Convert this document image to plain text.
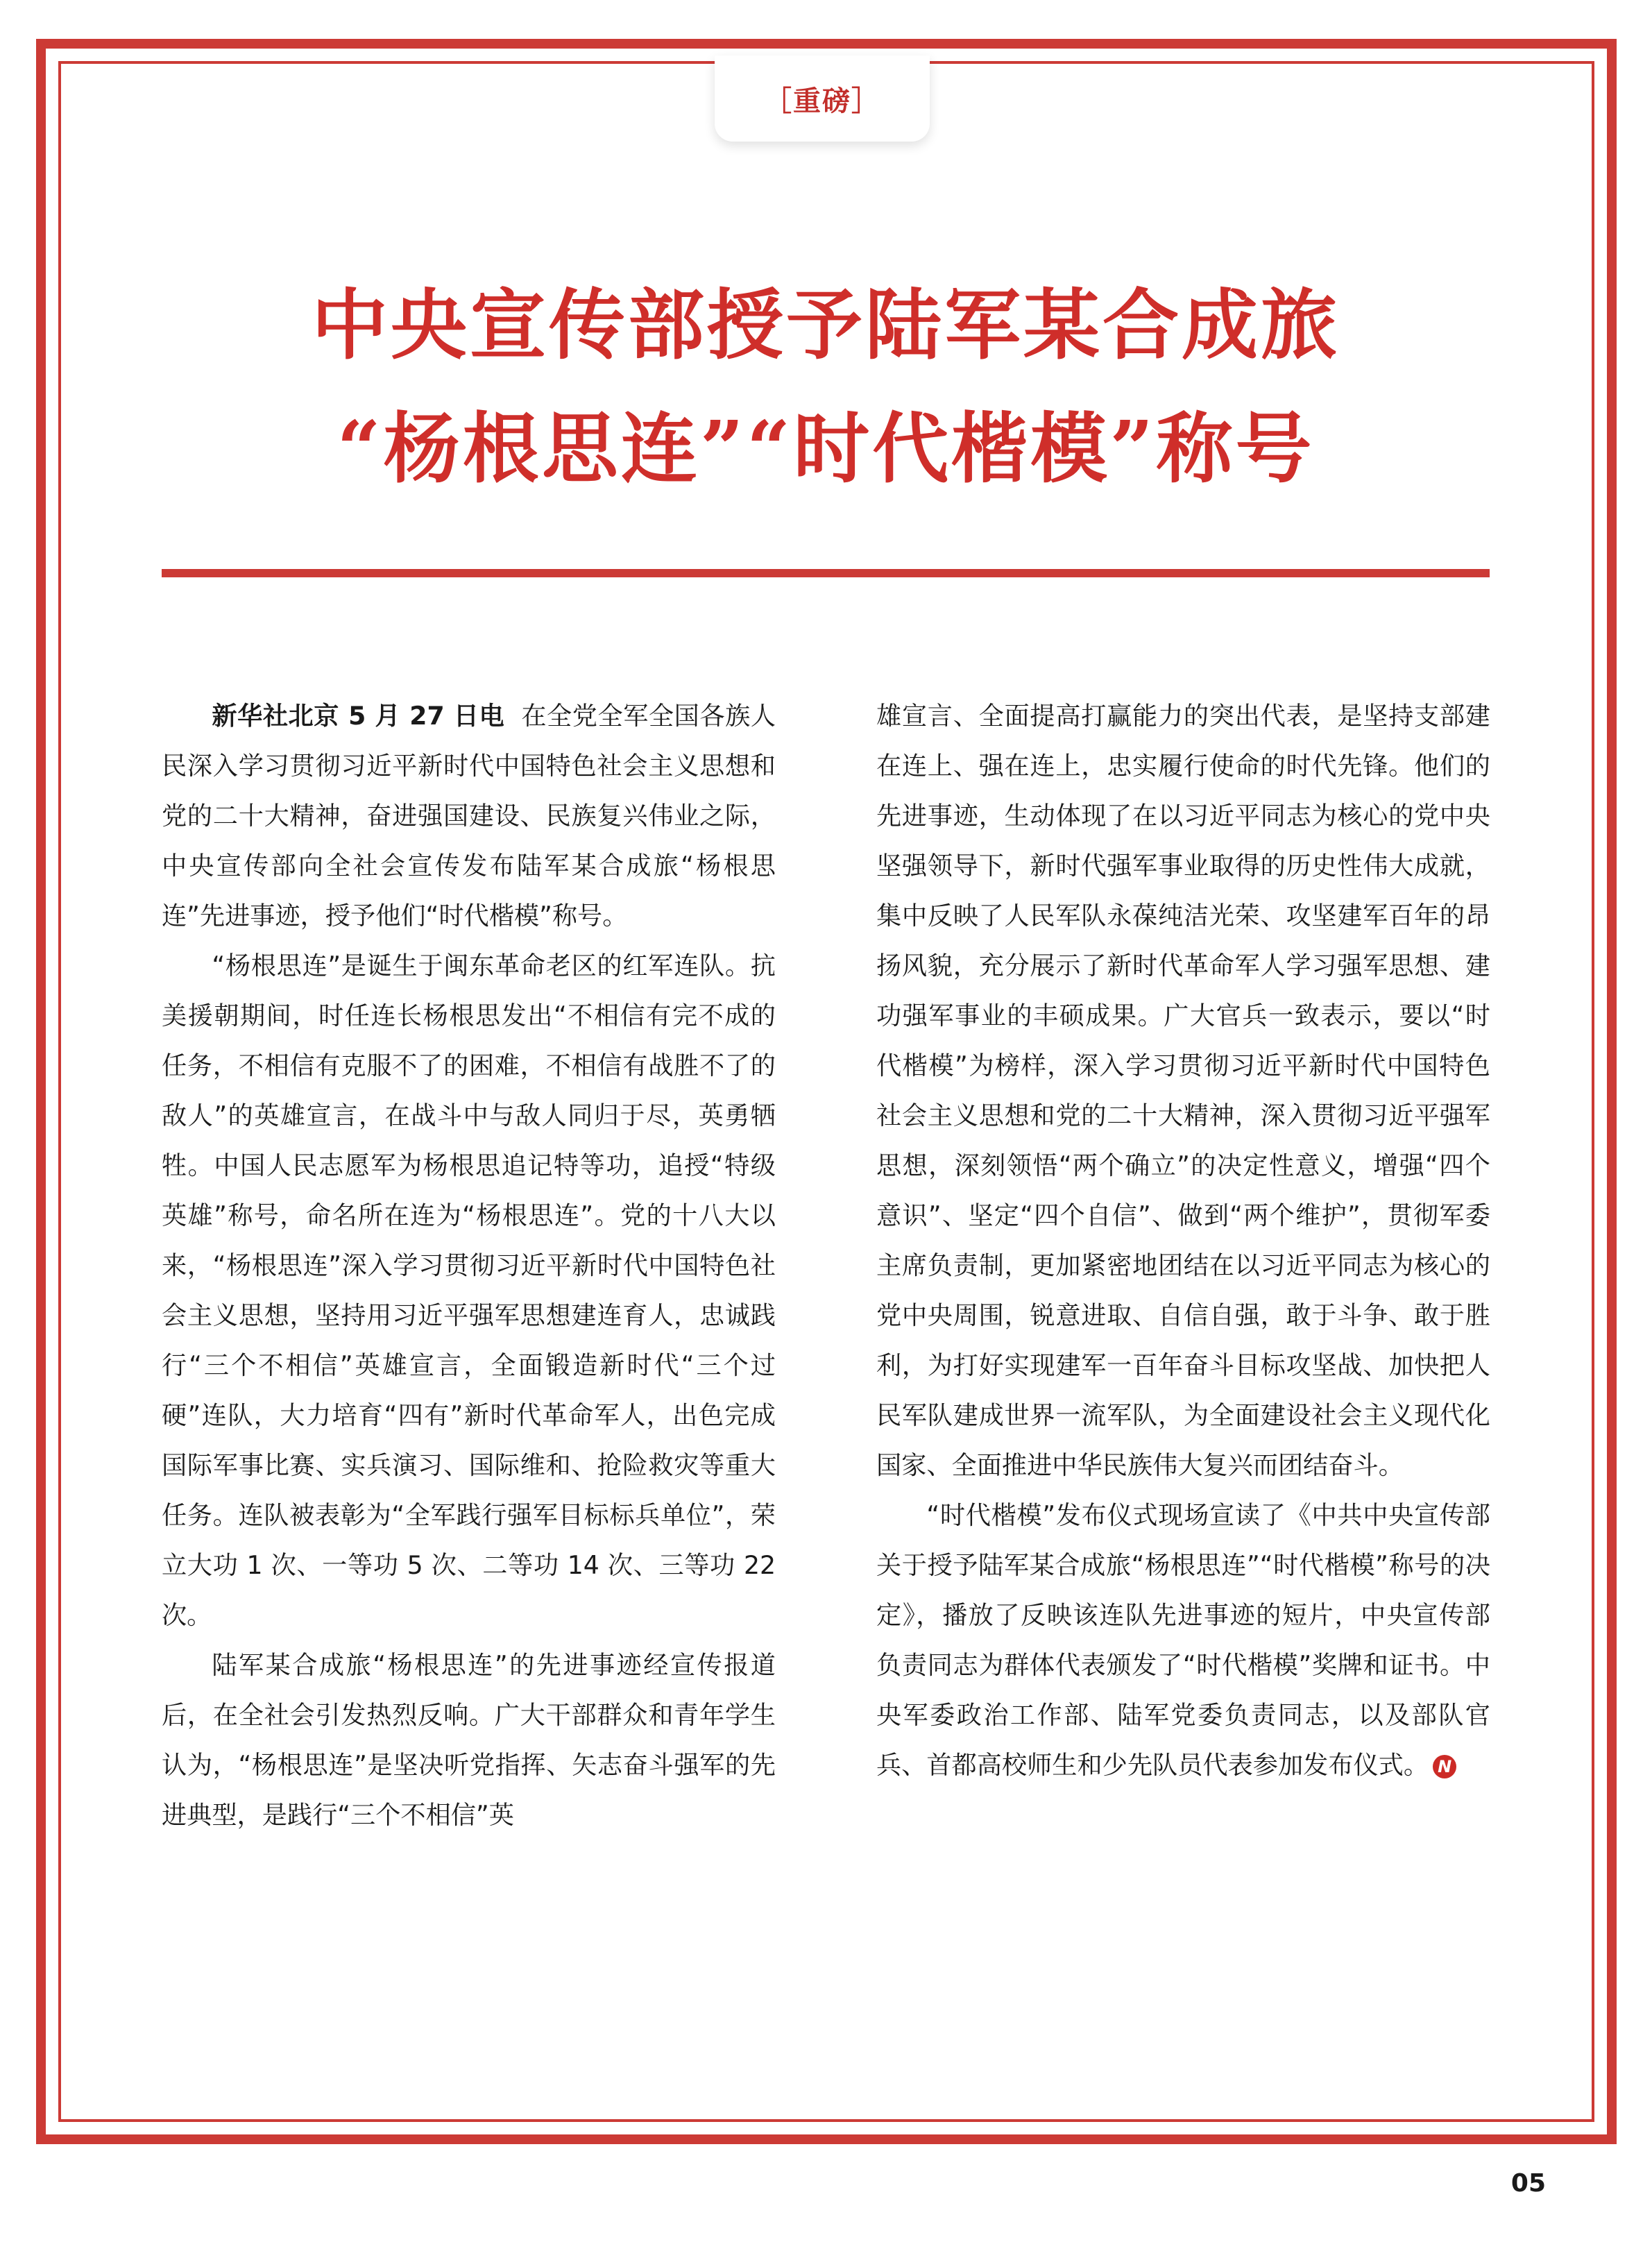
［重磅］
中央宣传部授予陆军某合成旅
“杨根思连”“时代楷模”称号

新华社北京 5 月 27 日电 在全党全军全国各族人民深入学习贯彻习近平新时代中国特色社会主义思想和党的二十大精神，奋进强国建设、民族复兴伟业之际，中央宣传部向全社会宣传发布陆军某合成旅“杨根思连”先进事迹，授予他们“时代楷模”称号。

“杨根思连”是诞生于闽东革命老区的红军连队。抗美援朝期间，时任连长杨根思发出“不相信有完不成的任务，不相信有克服不了的困难，不相信有战胜不了的敌人”的英雄宣言，在战斗中与敌人同归于尽，英勇牺牲。中国人民志愿军为杨根思追记特等功，追授“特级英雄”称号，命名所在连为“杨根思连”。党的十八大以来，“杨根思连”深入学习贯彻习近平新时代中国特色社会主义思想，坚持用习近平强军思想建连育人，忠诚践行“三个不相信”英雄宣言，全面锻造新时代“三个过硬”连队，大力培育“四有”新时代革命军人，出色完成国际军事比赛、实兵演习、国际维和、抢险救灾等重大任务。连队被表彰为“全军践行强军目标标兵单位”，荣立大功 1 次、一等功 5 次、二等功 14 次、三等功 22 次。

陆军某合成旅“杨根思连”的先进事迹经宣传报道后，在全社会引发热烈反响。广大干部群众和青年学生认为，“杨根思连”是坚决听党指挥、矢志奋斗强军的先进典型，是践行“三个不相信”英

雄宣言、全面提高打赢能力的突出代表，是坚持支部建在连上、强在连上，忠实履行使命的时代先锋。他们的先进事迹，生动体现了在以习近平同志为核心的党中央坚强领导下，新时代强军事业取得的历史性伟大成就，集中反映了人民军队永葆纯洁光荣、攻坚建军百年的昂扬风貌，充分展示了新时代革命军人学习强军思想、建功强军事业的丰硕成果。广大官兵一致表示，要以“时代楷模”为榜样，深入学习贯彻习近平新时代中国特色社会主义思想和党的二十大精神，深入贯彻习近平强军思想，深刻领悟“两个确立”的决定性意义，增强“四个意识”、坚定“四个自信”、做到“两个维护”，贯彻军委主席负责制，更加紧密地团结在以习近平同志为核心的党中央周围，锐意进取、自信自强，敢于斗争、敢于胜利，为打好实现建军一百年奋斗目标攻坚战、加快把人民军队建成世界一流军队，为全面建设社会主义现代化国家、全面推进中华民族伟大复兴而团结奋斗。

“时代楷模”发布仪式现场宣读了《中共中央宣传部关于授予陆军某合成旅“杨根思连”“时代楷模”称号的决定》，播放了反映该连队先进事迹的短片，中央宣传部负责同志为群体代表颁发了“时代楷模”奖牌和证书。中央军委政治工作部、陆军党委负责同志，以及部队官兵、首都高校师生和少先队员代表参加发布仪式。 N

05
